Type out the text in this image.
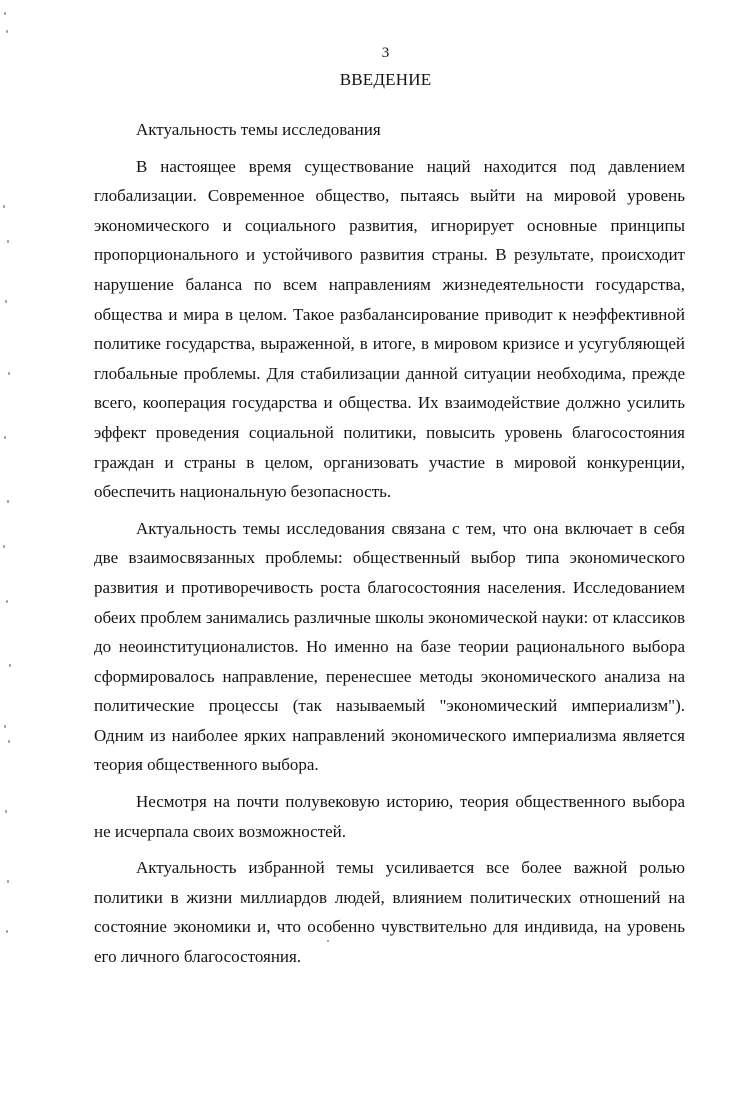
3
ВВЕДЕНИЕ

Актуальность темы исследования

В настоящее время существование наций находится под давлением глобализации. Современное общество, пытаясь выйти на мировой уровень экономического и социального развития, игнорирует основные принципы пропорционального и устойчивого развития страны. В результате, происходит нарушение баланса по всем направлениям жизнедеятельности государства, общества и мира в целом. Такое разбалансирование приводит к неэффективной политике государства, выраженной, в итоге, в мировом кризисе и усугубляющей глобальные проблемы. Для стабилизации данной ситуации необходима, прежде всего, кооперация государства и общества. Их взаимодействие должно усилить эффект проведения социальной политики, повысить уровень благосостояния граждан и страны в целом, организовать участие в мировой конкуренции, обеспечить национальную безопасность.

Актуальность темы исследования связана с тем, что она включает в себя две взаимосвязанных проблемы: общественный выбор типа экономического развития и противоречивость роста благосостояния населения. Исследованием обеих проблем занимались различные школы экономической науки: от классиков до неоинституционалистов. Но именно на базе теории рационального выбора сформировалось направление, перенесшее методы экономического анализа на политические процессы (так называемый "экономический империализм"). Одним из наиболее ярких направлений экономического империализма является теория общественного выбора.

Несмотря на почти полувековую историю, теория общественного выбора не исчерпала своих возможностей.

Актуальность избранной темы усиливается все более важной ролью политики в жизни миллиардов людей, влиянием политических отношений на состояние экономики и, что особенно чувствительно для индивида, на уровень его личного благосостояния.
